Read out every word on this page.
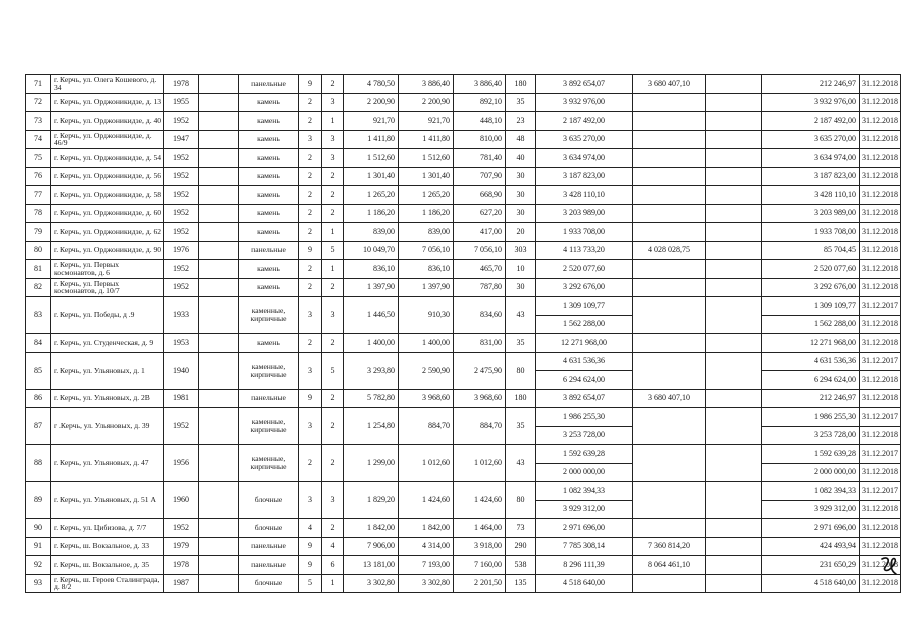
71	г. Керчь, ул. Олега Кошевого, д. 34	1978		панельные	9	2	4 780,50	3 886,40	3 886,40	180	3 892 654,07	3 680 407,10		212 246,97	31.12.2018
72	г. Керчь, ул. Орджоникидзе, д. 13	1955		камень	2	3	2 200,90	2 200,90	892,10	35	3 932 976,00			3 932 976,00	31.12.2018
73	г. Керчь, ул. Орджоникидзе, д. 40	1952		камень	2	1	921,70	921,70	448,10	23	2 187 492,00			2 187 492,00	31.12.2018
74	г. Керчь, ул. Орджоникидзе, д. 46/9	1947		камень	3	3	1 411,80	1 411,80	810,00	48	3 635 270,00			3 635 270,00	31.12.2018
75	г. Керчь, ул. Орджоникидзе, д. 54	1952		камень	2	3	1 512,60	1 512,60	781,40	40	3 634 974,00			3 634 974,00	31.12.2018
76	г. Керчь, ул. Орджоникидзе, д. 56	1952		камень	2	2	1 301,40	1 301,40	707,90	30	3 187 823,00			3 187 823,00	31.12.2018
77	г. Керчь, ул. Орджоникидзе, д. 58	1952		камень	2	2	1 265,20	1 265,20	668,90	30	3 428 110,10			3 428 110,10	31.12.2018
78	г. Керчь, ул. Орджоникидзе, д. 60	1952		камень	2	2	1 186,20	1 186,20	627,20	30	3 203 989,00			3 203 989,00	31.12.2018
79	г. Керчь, ул. Орджоникидзе, д. 62	1952		камень	2	1	839,00	839,00	417,00	20	1 933 708,00			1 933 708,00	31.12.2018
80	г. Керчь, ул. Орджоникидзе, д. 90	1976		панельные	9	5	10 049,70	7 056,10	7 056,10	303	4 113 733,20	4 028 028,75		85 704,45	31.12.2018
81	г. Керчь, ул. Первых космонавтов, д. 6	1952		камень	2	1	836,10	836,10	465,70	10	2 520 077,60			2 520 077,60	31.12.2018
82	г. Керчь, ул. Первых космонавтов, д. 10/7	1952		камень	2	2	1 397,90	1 397,90	787,80	30	3 292 676,00			3 292 676,00	31.12.2018
83	г. Керчь, ул. Победы, д .9	1933		каменные, кирпичные	3	3	1 446,50	910,30	834,60	43	1 309 109,77			1 309 109,77	31.12.2017
											1 562 288,00			1 562 288,00	31.12.2018
84	г. Керчь, ул. Студенческая, д. 9	1953		камень	2	2	1 400,00	1 400,00	831,00	35	12 271 968,00			12 271 968,00	31.12.2018
85	г. Керчь, ул. Ульяновых, д. 1	1940		каменные, кирпичные	3	5	3 293,80	2 590,90	2 475,90	80	4 631 536,36			4 631 536,36	31.12.2017
											6 294 624,00			6 294 624,00	31.12.2018
86	г. Керчь, ул. Ульяновых, д. 2В	1981		панельные	9	2	5 782,80	3 968,60	3 968,60	180	3 892 654,07	3 680 407,10		212 246,97	31.12.2018
87	г .Керчь, ул. Ульяновых, д. 39	1952		каменные, кирпичные	3	2	1 254,80	884,70	884,70	35	1 986 255,30			1 986 255,30	31.12.2017
											3 253 728,00			3 253 728,00	31.12.2018
88	г. Керчь, ул. Ульяновых, д. 47	1956		каменные, кирпичные	2	2	1 299,00	1 012,60	1 012,60	43	1 592 639,28			1 592 639,28	31.12.2017
											2 000 000,00			2 000 000,00	31.12.2018
89	г. Керчь, ул. Ульяновых, д. 51 А	1960		блочные	3	3	1 829,20	1 424,60	1 424,60	80	1 082 394,33			1 082 394,33	31.12.2017
											3 929 312,00			3 929 312,00	31.12.2018
90	г. Керчь, ул. Цибизова, д. 7/7	1952		блочные	4	2	1 842,00	1 842,00	1 464,00	73	2 971 696,00			2 971 696,00	31.12.2018
91	г. Керчь, ш. Вокзальное, д. 33	1979		панельные	9	4	7 906,00	4 314,00	3 918,00	290	7 785 308,14	7 360 814,20		424 493,94	31.12.2018
92	г. Керчь, ш. Вокзальное, д. 35	1978		панельные	9	6	13 181,00	7 193,00	7 160,00	538	8 296 111,39	8 064 461,10		231 650,29	31.12.2018
93	г. Керчь, ш. Героев Сталинграда, д. 8/2	1987		блочные	5	1	3 302,80	3 302,80	2 201,50	135	4 518 640,00			4 518 640,00	31.12.2018
